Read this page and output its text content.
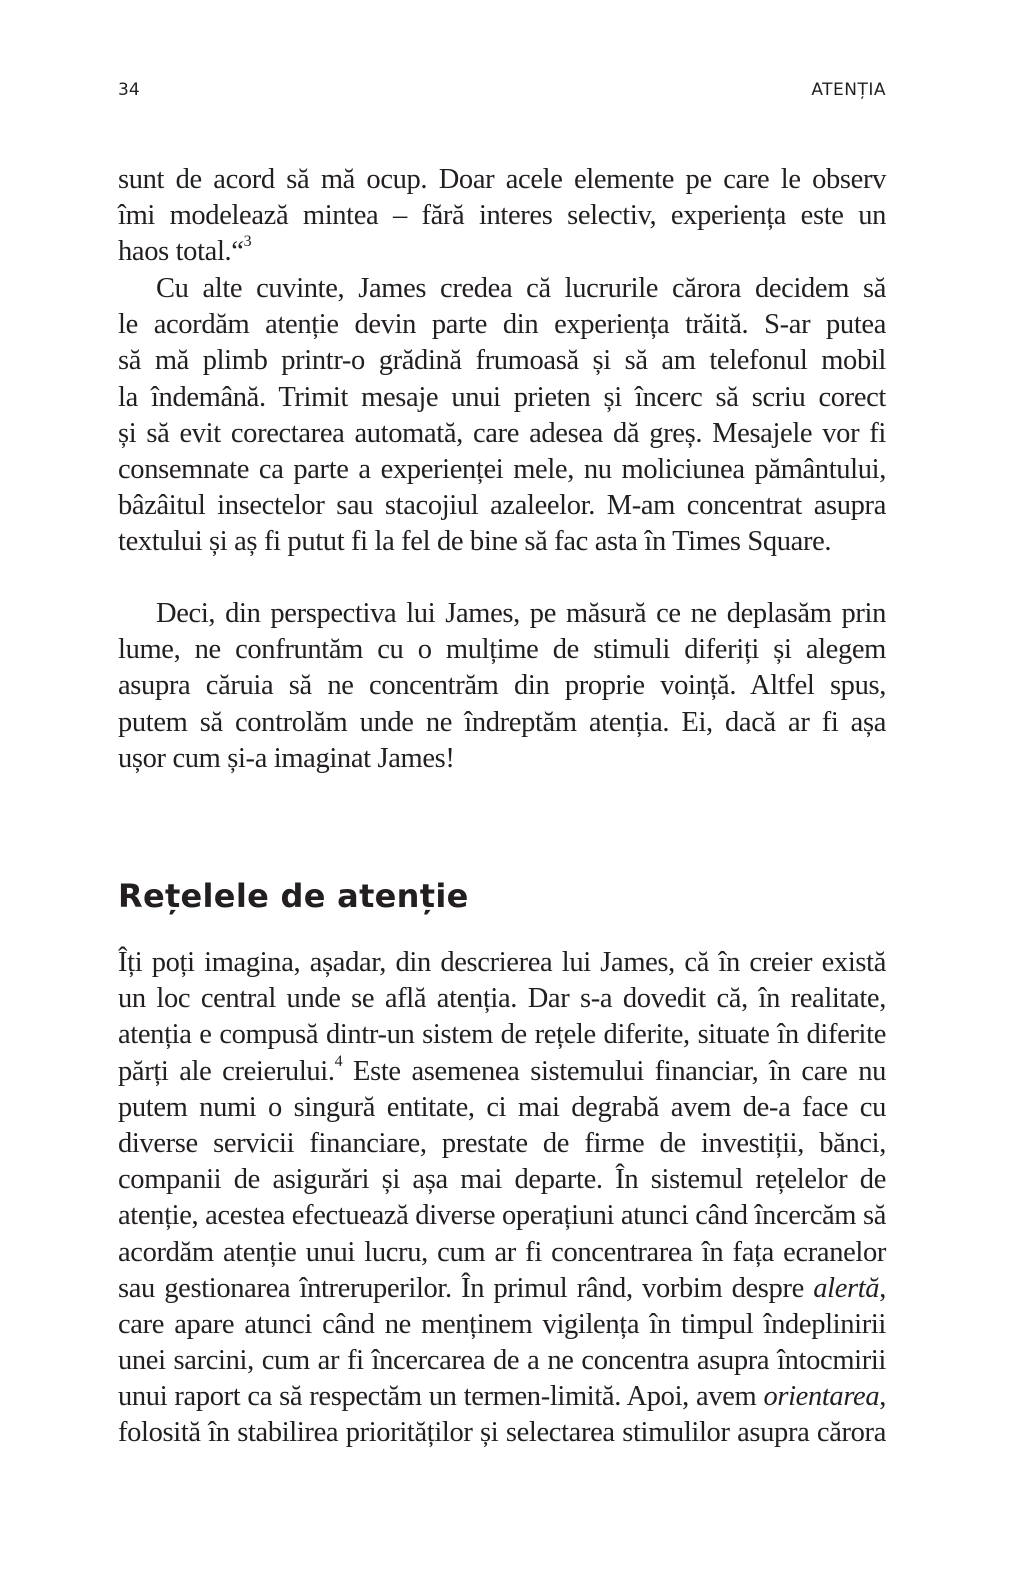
34	ATENȚIA
sunt de acord să mă ocup. Doar acele elemente pe care le observ
îmi modelează mintea – fără interes selectiv, experiența este un
haos total.“$^3$
Cu alte cuvinte, James credea că lucrurile cărora decidem să
le acordăm atenție devin parte din experiența trăită. S-ar putea
să mă plimb printr-o grădină frumoasă și să am telefonul mobil
la îndemână. Trimit mesaje unui prieten și încerc să scriu corect
și să evit corectarea automată, care adesea dă greș. Mesajele vor fi
consemnate ca parte a experienței mele, nu moliciunea pământului,
bâzâitul insectelor sau stacojiul azaleelor. M-am concentrat asupra
textului și aș fi putut fi la fel de bine să fac asta în Times Square.
Deci, din perspectiva lui James, pe măsură ce ne deplasăm prin
lume, ne confruntăm cu o mulțime de stimuli diferiți și alegem
asupra căruia să ne concentrăm din proprie voință. Altfel spus,
putem să controlăm unde ne îndreptăm atenția. Ei, dacă ar fi așa
ușor cum și-a imaginat James!
Rețelele de atenție
Îți poți imagina, așadar, din descrierea lui James, că în creier există
un loc central unde se află atenția. Dar s-a dovedit că, în realitate,
atenția e compusă dintr-un sistem de rețele diferite, situate în diferite
părți ale creierului.$^4$ Este asemenea sistemului financiar, în care nu
putem numi o singură entitate, ci mai degrabă avem de-a face cu
diverse servicii financiare, prestate de firme de investiții, bănci,
companii de asigurări și așa mai departe. În sistemul rețelelor de
atenție, acestea efectuează diverse operațiuni atunci când încercăm să
acordăm atenție unui lucru, cum ar fi concentrarea în fața ecranelor
sau gestionarea întreruperilor. În primul rând, vorbim despre alertă,
care apare atunci când ne menținem vigilența în timpul îndeplinirii
unei sarcini, cum ar fi încercarea de a ne concentra asupra întocmirii
unui raport ca să respectăm un termen-limită. Apoi, avem orientarea,
folosită în stabilirea priorităților și selectarea stimulilor asupra cărora
